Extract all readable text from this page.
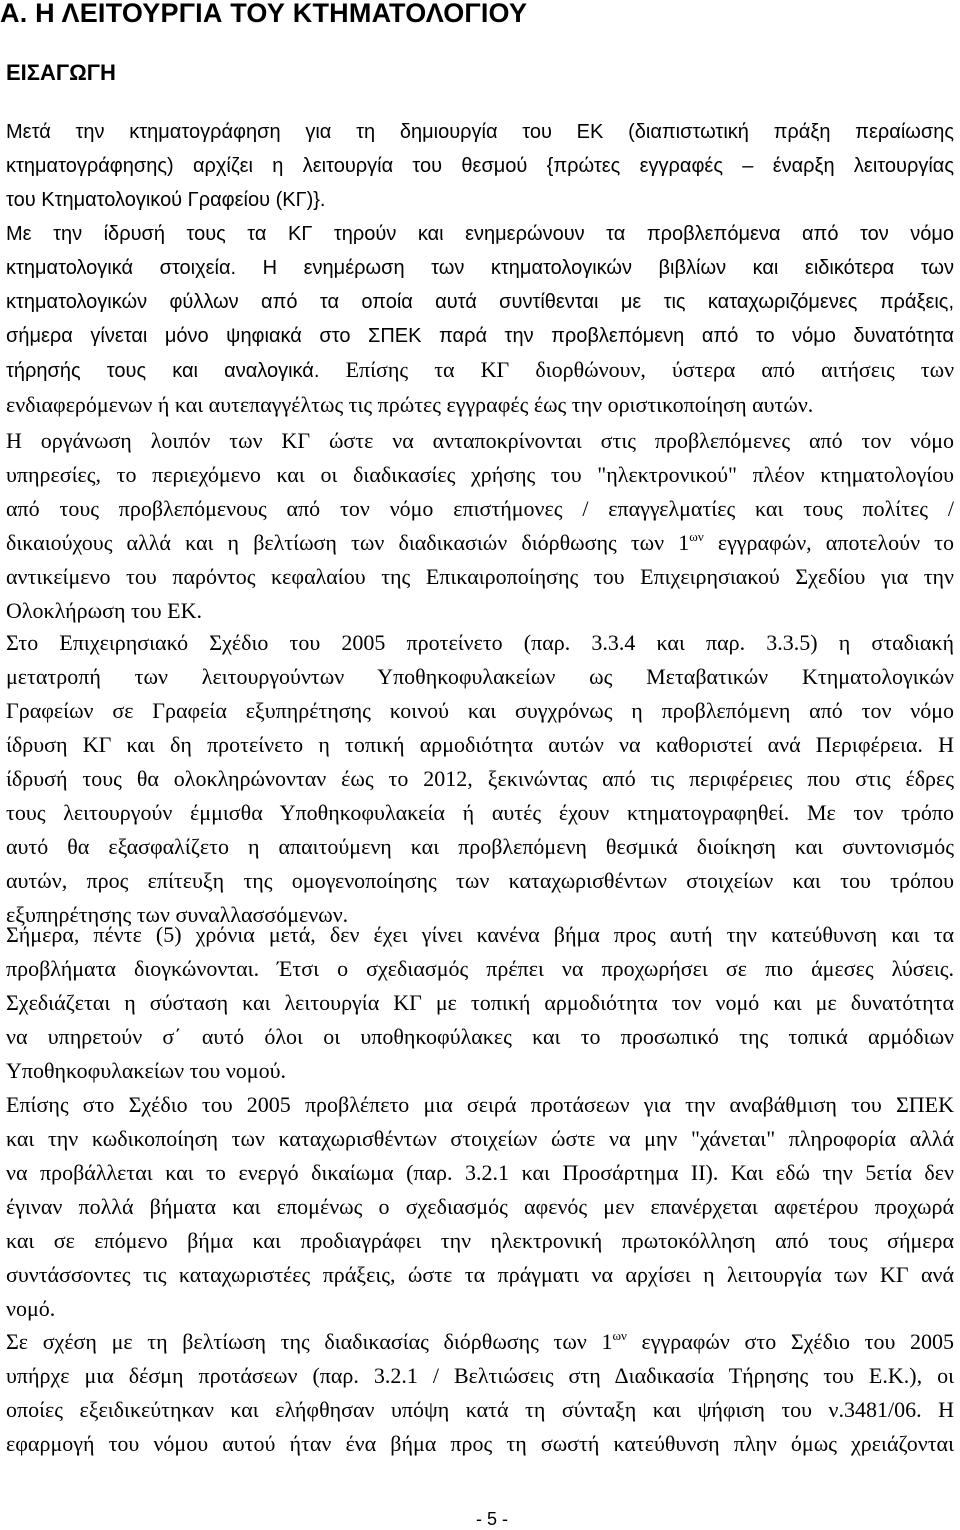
Α. Η ΛΕΙΤΟΥΡΓΙΑ ΤΟΥ ΚΤΗΜΑΤΟΛΟΓΙΟΥ
ΕΙΣΑΓΩΓΗ
Μετά την κτηματογράφηση για τη δημιουργία του ΕΚ (διαπιστωτική πράξη περαίωσης
κτηματογράφησης) αρχίζει η λειτουργία του θεσμού {πρώτες εγγραφές – έναρξη λειτουργίας
του Κτηματολογικού Γραφείου (ΚΓ)}.
Με την ίδρυσή τους τα ΚΓ τηρούν και ενημερώνουν τα προβλεπόμενα από τον νόμο
κτηματολογικά στοιχεία. Η ενημέρωση των κτηματολογικών βιβλίων και ειδικότερα των
κτηματολογικών φύλλων από τα οποία αυτά συντίθενται με τις καταχωριζόμενες πράξεις,
σήμερα γίνεται μόνο ψηφιακά στο ΣΠΕΚ παρά την προβλεπόμενη από το νόμο δυνατότητα
τήρησής τους και αναλογικά. Επίσης τα ΚΓ διορθώνουν, ύστερα από αιτήσεις των
ενδιαφερόμενων ή και αυτεπαγγέλτως τις πρώτες εγγραφές έως την οριστικοποίηση αυτών.
Η οργάνωση λοιπόν των ΚΓ ώστε να ανταποκρίνονται στις προβλεπόμενες από τον νόμο
υπηρεσίες, το περιεχόμενο και οι διαδικασίες χρήσης του "ηλεκτρονικού" πλέον κτηματολογίου
από τους προβλεπόμενους από τον νόμο επιστήμονες / επαγγελματίες και τους πολίτες /
δικαιούχους αλλά και η βελτίωση των διαδικασιών διόρθωσης των $1^{\omega\nu}$ εγγραφών, αποτελούν το
αντικείμενο του παρόντος κεφαλαίου της Επικαιροποίησης του Επιχειρησιακού Σχεδίου για την
Ολοκλήρωση του ΕΚ.
Στο Επιχειρησιακό Σχέδιο του 2005 προτείνετο (παρ. 3.3.4 και παρ. 3.3.5) η σταδιακή
μετατροπή των λειτουργούντων Υποθηκοφυλακείων ως Μεταβατικών Κτηματολογικών
Γραφείων σε Γραφεία εξυπηρέτησης κοινού και συγχρόνως η προβλεπόμενη από τον νόμο
ίδρυση ΚΓ και δη προτείνετο η τοπική αρμοδιότητα αυτών να καθοριστεί ανά Περιφέρεια. Η
ίδρυσή τους θα ολοκληρώνονταν έως το 2012, ξεκινώντας από τις περιφέρειες που στις έδρες
τους λειτουργούν έμμισθα Υποθηκοφυλακεία ή αυτές έχουν κτηματογραφηθεί. Με τον τρόπο
αυτό θα εξασφαλίζετο η απαιτούμενη και προβλεπόμενη θεσμικά διοίκηση και συντονισμός
αυτών, προς επίτευξη της ομογενοποίησης των καταχωρισθέντων στοιχείων και του τρόπου
εξυπηρέτησης των συναλλασσόμενων.
Σήμερα, πέντε (5) χρόνια μετά, δεν έχει γίνει κανένα βήμα προς αυτή την κατεύθυνση και τα
προβλήματα διογκώνονται. Έτσι ο σχεδιασμός πρέπει να προχωρήσει σε πιο άμεσες λύσεις.
Σχεδιάζεται η σύσταση και λειτουργία ΚΓ με τοπική αρμοδιότητα τον νομό και με δυνατότητα
να υπηρετούν σ΄ αυτό όλοι οι υποθηκοφύλακες και το προσωπικό της τοπικά αρμόδιων
Υποθηκοφυλακείων του νομού.
Επίσης στο Σχέδιο του 2005 προβλέπετο μια σειρά προτάσεων για την αναβάθμιση του ΣΠΕΚ
και την κωδικοποίηση των καταχωρισθέντων στοιχείων ώστε να μην "χάνεται" πληροφορία αλλά
να προβάλλεται και το ενεργό δικαίωμα (παρ. 3.2.1 και Προσάρτημα ΙΙ). Και εδώ την 5ετία δεν
έγιναν πολλά βήματα και επομένως ο σχεδιασμός αφενός μεν επανέρχεται αφετέρου προχωρά
και σε επόμενο βήμα και προδιαγράφει την ηλεκτρονική πρωτοκόλληση από τους σήμερα
συντάσσοντες τις καταχωριστέες πράξεις, ώστε τα πράγματι να αρχίσει η λειτουργία των ΚΓ ανά
νομό.
Σε σχέση με τη βελτίωση της διαδικασίας διόρθωσης των $1^{\omega\nu}$ εγγραφών στο Σχέδιο του 2005
υπήρχε μια δέσμη προτάσεων (παρ. 3.2.1 / Βελτιώσεις στη Διαδικασία Τήρησης του Ε.Κ.), οι
οποίες εξειδικεύτηκαν και ελήφθησαν υπόψη κατά τη σύνταξη και ψήφιση του ν.3481/06. Η
εφαρμογή του νόμου αυτού ήταν ένα βήμα προς τη σωστή κατεύθυνση πλην όμως χρειάζονται
- 5 -
